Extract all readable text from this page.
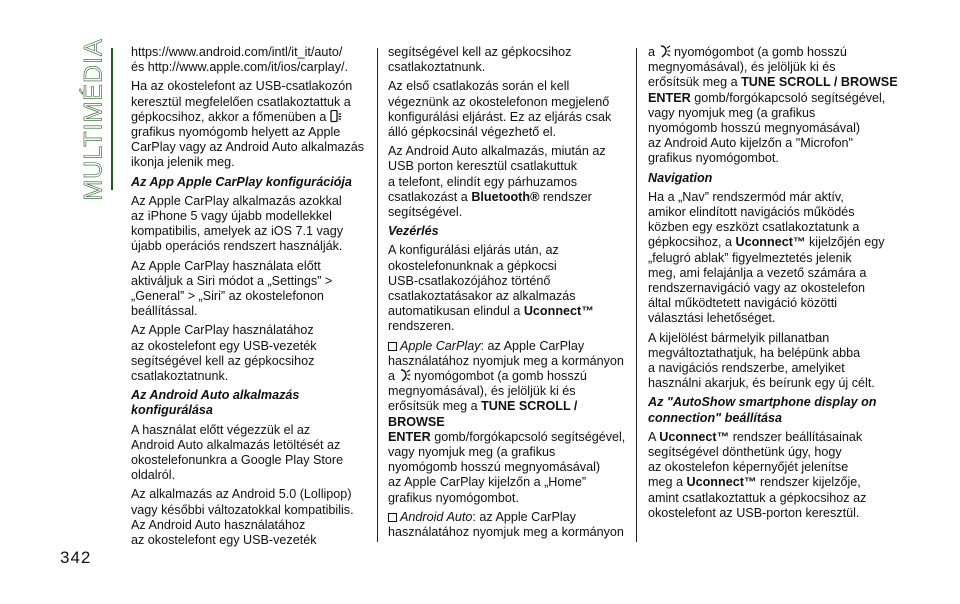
MULTIMÉDIA
342

https://www.android.com/intl/it_it/auto/
és http://www.apple.com/it/ios/carplay/.

Ha az okostelefont az USB-csatlakozón
keresztül megfelelően csatlakoztattuk a
gépkocsihoz, akkor a főmenüben a
grafikus nyomógomb helyett az Apple
CarPlay vagy az Android Auto alkalmazás
ikonja jelenik meg.

Az App Apple CarPlay konfigurációja

Az Apple CarPlay alkalmazás azokkal
az iPhone 5 vagy újabb modellekkel
kompatibilis, amelyek az iOS 7.1 vagy
újabb operációs rendszert használják.

Az Apple CarPlay használata előtt
aktiváljuk a Siri módot a „Settings” >
„General” > „Siri” az okostelefonon
beállítással.

Az Apple CarPlay használatához
az okostelefont egy USB-vezeték
segítségével kell az gépkocsihoz
csatlakoztatnunk.

Az Android Auto alkalmazás konfigurálása

A használat előtt végezzük el az
Android Auto alkalmazás letöltését az
okostelefonunkra a Google Play Store
oldalról.

Az alkalmazás az Android 5.0 (Lollipop)
vagy későbbi változatokkal kompatibilis.
Az Android Auto használatához
az okostelefont egy USB-vezeték

segítségével kell az gépkocsihoz
csatlakoztatnunk.

Az első csatlakozás során el kell
végeznünk az okostelefonon megjelenő
konfigurálási eljárást. Ez az eljárás csak
álló gépkocsinál végezhető el.

Az Android Auto alkalmazás, miután az
USB porton keresztül csatlakuttuk
a telefont, elindít egy párhuzamos
csatlakozást a Bluetooth® rendszer
segítségével.

Vezérlés

A konfigurálási eljárás után, az
okostelefonunknak a gépkocsi
USB-csatlakozójához történő
csatlakoztatásakor az alkalmazás
automatikusan elindul a Uconnect™
rendszeren.

Apple CarPlay: az Apple CarPlay
használatához nyomjuk meg a kormányon
a nyomógombot (a gomb hosszú
megnyomásával), és jelöljük ki és
erősítsük meg a TUNE SCROLL / BROWSE
ENTER gomb/forgókapcsoló segítségével,
vagy nyomjuk meg (a grafikus
nyomógomb hosszú megnyomásával)
az Apple CarPlay kijelzőn a „Home”
grafikus nyomógombot.

Android Auto: az Apple CarPlay
használatához nyomjuk meg a kormányon

a nyomógombot (a gomb hosszú
megnyomásával), és jelöljük ki és
erősítsük meg a TUNE SCROLL / BROWSE
ENTER gomb/forgókapcsoló segítségével,
vagy nyomjuk meg (a grafikus
nyomógomb hosszú megnyomásával)
az Android Auto kijelzőn a "Microfon"
grafikus nyomógombot.

Navigation

Ha a „Nav” rendszermód már aktív,
amikor elindított navigációs működés
közben egy eszközt csatlakoztatunk a
gépkocsihoz, a Uconnect™ kijelzőjén egy
„felugró ablak” figyelmeztetés jelenik
meg, ami felajánlja a vezető számára a
rendszernavigáció vagy az okostelefon
által működtetett navigáció közötti
választási lehetőséget.

A kijelölést bármelyik pillanatban
megváltoztathatjuk, ha belépünk abba
a navigációs rendszerbe, amelyiket
használni akarjuk, és beírunk egy új célt.

Az "AutoShow smartphone display on
connection" beállítása

A Uconnect™ rendszer beállításainak
segítségével dönthetünk úgy, hogy
az okostelefon képernyőjét jelenítse
meg a Uconnect™ rendszer kijelzője,
amint csatlakoztattuk a gépkocsihoz az
okostelefont az USB-porton keresztül.
